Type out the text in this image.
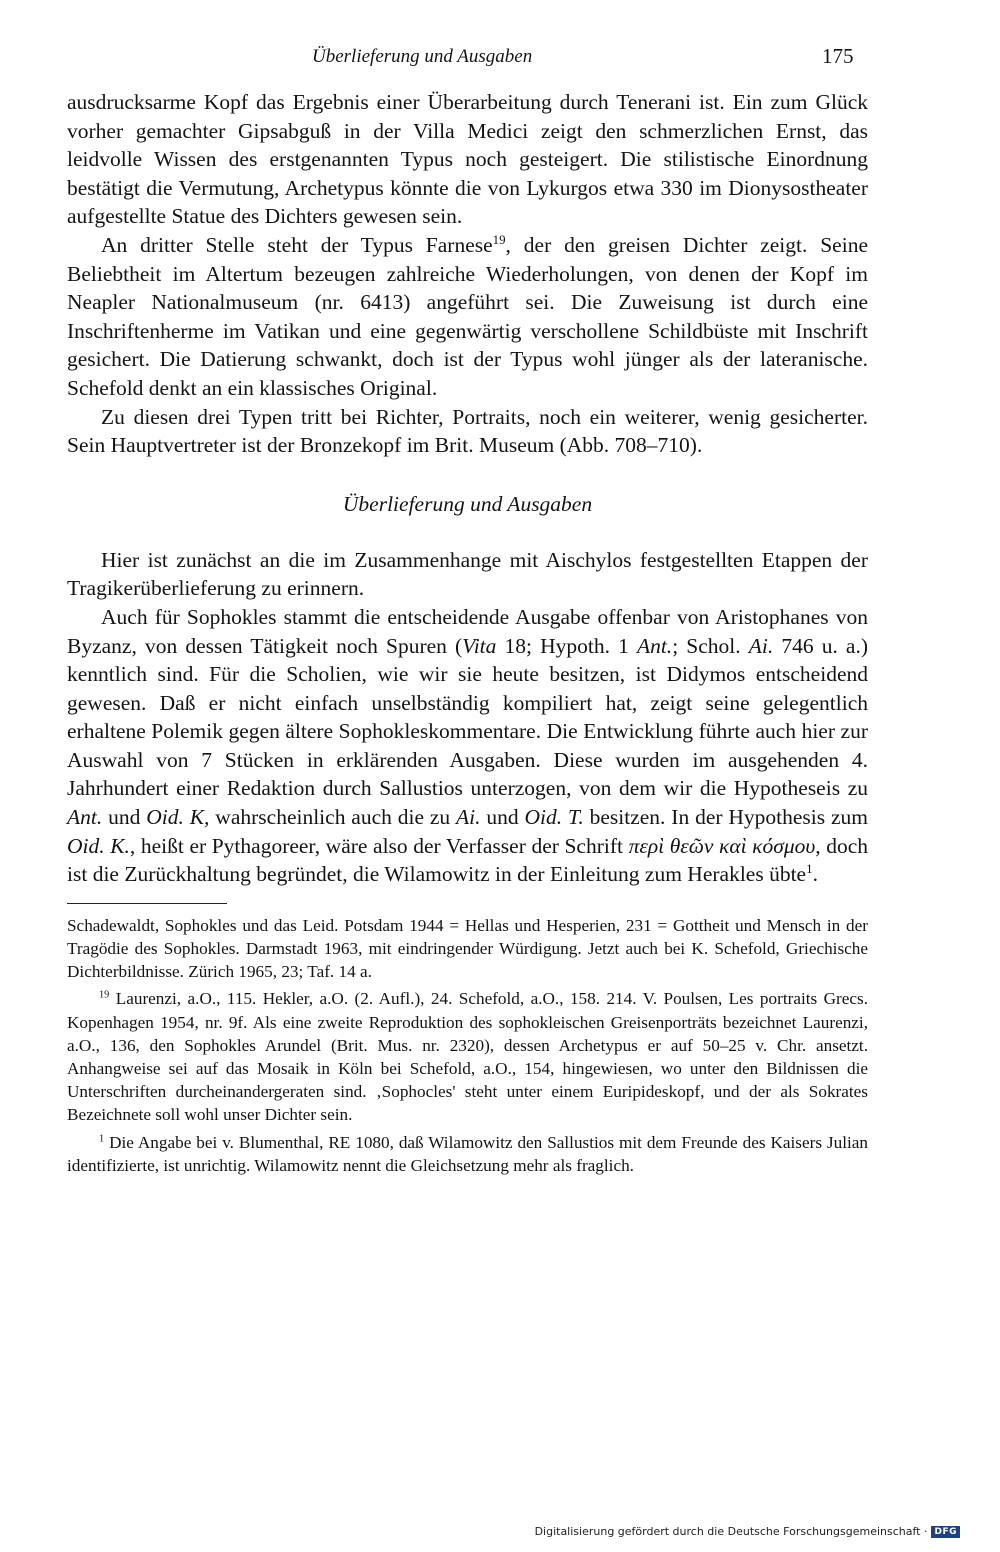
Überlieferung und Ausgaben	175

ausdrucksarme Kopf das Ergebnis einer Überarbeitung durch Tenerani ist. Ein zum Glück vorher gemachter Gipsabguß in der Villa Medici zeigt den schmerzlichen Ernst, das leidvolle Wissen des erstgenannten Typus noch gesteigert. Die stilistische Einordnung bestätigt die Vermutung, Archetypus könnte die von Lykurgos etwa 330 im Dionysostheater aufgestellte Statue des Dichters gewesen sein.

An dritter Stelle steht der Typus Farnese$^{19}$, der den greisen Dichter zeigt. Seine Beliebtheit im Altertum bezeugen zahlreiche Wiederholungen, von denen der Kopf im Neapler Nationalmuseum (nr. 6413) angeführt sei. Die Zuweisung ist durch eine Inschriftenherme im Vatikan und eine gegenwärtig verschollene Schildbüste mit Inschrift gesichert. Die Datierung schwankt, doch ist der Typus wohl jünger als der lateranische. Schefold denkt an ein klassisches Original.

Zu diesen drei Typen tritt bei Richter, Portraits, noch ein weiterer, wenig gesicherter. Sein Hauptvertreter ist der Bronzekopf im Brit. Museum (Abb. 708–710).

Überlieferung und Ausgaben

Hier ist zunächst an die im Zusammenhange mit Aischylos festgestellten Etappen der Tragikerüberlieferung zu erinnern.

Auch für Sophokles stammt die entscheidende Ausgabe offenbar von Aristophanes von Byzanz, von dessen Tätigkeit noch Spuren (Vita 18; Hypoth. 1 Ant.; Schol. Ai. 746 u. a.) kenntlich sind. Für die Scholien, wie wir sie heute besitzen, ist Didymos entscheidend gewesen. Daß er nicht einfach unselbständig kompiliert hat, zeigt seine gelegentlich erhaltene Polemik gegen ältere Sophokleskommentare. Die Entwicklung führte auch hier zur Auswahl von 7 Stücken in erklärenden Ausgaben. Diese wurden im ausgehenden 4. Jahrhundert einer Redaktion durch Sallustios unterzogen, von dem wir die Hypotheseis zu Ant. und Oid. K, wahrscheinlich auch die zu Ai. und Oid. T. besitzen. In der Hypothesis zum Oid. K., heißt er Pythagoreer, wäre also der Verfasser der Schrift περὶ θεῶν καὶ κόσμου, doch ist die Zurückhaltung begründet, die Wilamowitz in der Einleitung zum Herakles übte$^1$.

Schadewaldt, Sophokles und das Leid. Potsdam 1944 = Hellas und Hesperien, 231 = Gottheit und Mensch in der Tragödie des Sophokles. Darmstadt 1963, mit eindringender Würdigung. Jetzt auch bei K. Schefold, Griechische Dichterbildnisse. Zürich 1965, 23; Taf. 14 a.

$^{19}$ Laurenzi, a.O., 115. Hekler, a.O. (2. Aufl.), 24. Schefold, a.O., 158. 214. V. Poulsen, Les portraits Grecs. Kopenhagen 1954, nr. 9f. Als eine zweite Reproduktion des sophokleischen Greisenporträts bezeichnet Laurenzi, a.O., 136, den Sophokles Arundel (Brit. Mus. nr. 2320), dessen Archetypus er auf 50–25 v. Chr. ansetzt. Anhangweise sei auf das Mosaik in Köln bei Schefold, a.O., 154, hingewiesen, wo unter den Bildnissen die Unterschriften durcheinandergeraten sind. ‚Sophocles' steht unter einem Euripideskopf, und der als Sokrates Bezeichnete soll wohl unser Dichter sein.

$^1$ Die Angabe bei v. Blumenthal, RE 1080, daß Wilamowitz den Sallustios mit dem Freunde des Kaisers Julian identifizierte, ist unrichtig. Wilamowitz nennt die Gleichsetzung mehr als fraglich.

Digitalisierung gefördert durch die Deutsche Forschungsgemeinschaft · DFG
